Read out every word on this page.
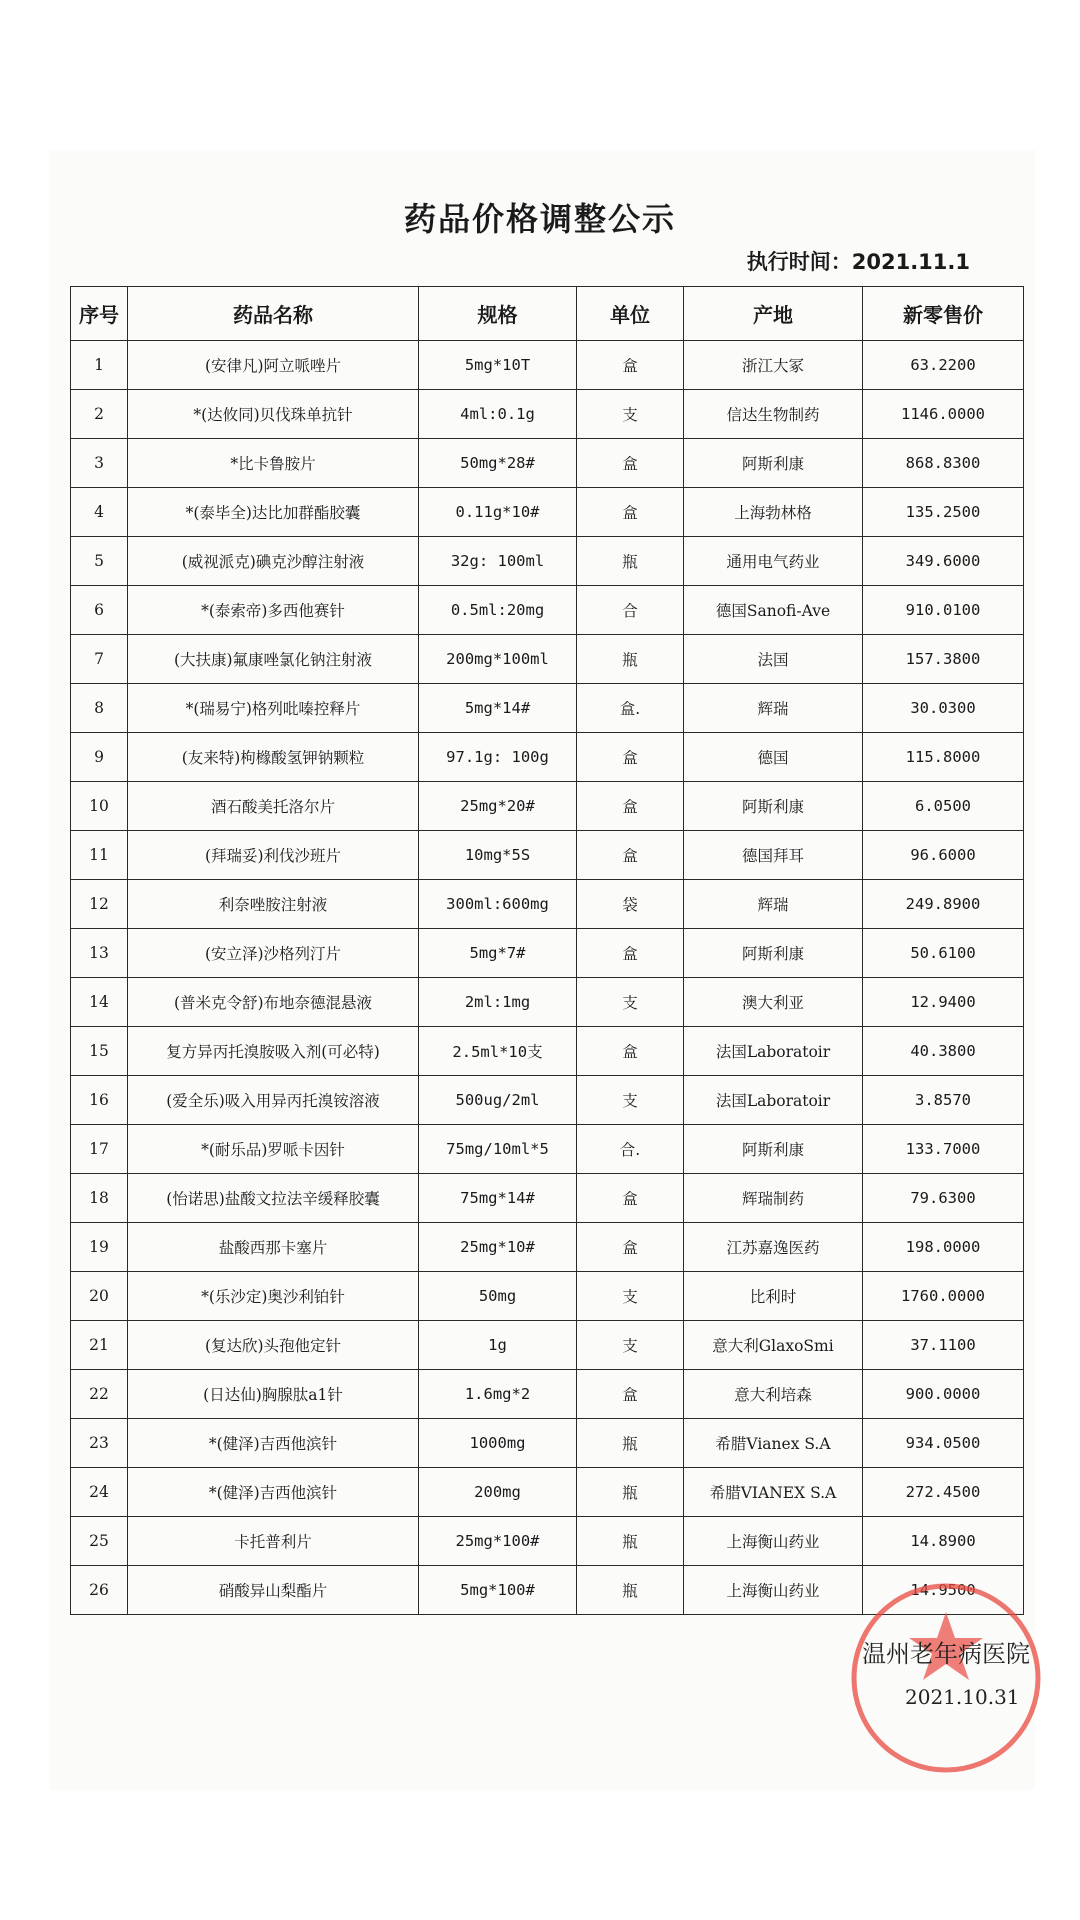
药品价格调整公示
执行时间：2021.11.1
序号	药品名称	规格	单位	产地	新零售价
1	(安律凡)阿立哌唑片	5mg*10T	盒	浙江大冢	63.2200
2	*(达攸同)贝伐珠单抗针	4ml:0.1g	支	信达生物制药	1146.0000
3	*比卡鲁胺片	50mg*28#	盒	阿斯利康	868.8300
4	*(泰毕全)达比加群酯胶囊	0.11g*10#	盒	上海勃林格	135.2500
5	(威视派克)碘克沙醇注射液	32g: 100ml	瓶	通用电气药业	349.6000
6	*(泰索帝)多西他赛针	0.5ml:20mg	合	德国Sanofi-Ave	910.0100
7	(大扶康)氟康唑氯化钠注射液	200mg*100ml	瓶	法国	157.3800
8	*(瑞易宁)格列吡嗪控释片	5mg*14#	盒.	辉瑞	30.0300
9	(友来特)枸橼酸氢钾钠颗粒	97.1g: 100g	盒	德国	115.8000
10	酒石酸美托洛尔片	25mg*20#	盒	阿斯利康	6.0500
11	(拜瑞妥)利伐沙班片	10mg*5S	盒	德国拜耳	96.6000
12	利奈唑胺注射液	300ml:600mg	袋	辉瑞	249.8900
13	(安立泽)沙格列汀片	5mg*7#	盒	阿斯利康	50.6100
14	(普米克令舒)布地奈德混悬液	2ml:1mg	支	澳大利亚	12.9400
15	复方异丙托溴胺吸入剂(可必特)	2.5ml*10支	盒	法国Laboratoir	40.3800
16	(爱全乐)吸入用异丙托溴铵溶液	500ug/2ml	支	法国Laboratoir	3.8570
17	*(耐乐品)罗哌卡因针	75mg/10ml*5	合.	阿斯利康	133.7000
18	(怡诺思)盐酸文拉法辛缓释胶囊	75mg*14#	盒	辉瑞制药	79.6300
19	盐酸西那卡塞片	25mg*10#	盒	江苏嘉逸医药	198.0000
20	*(乐沙定)奥沙利铂针	50mg	支	比利时	1760.0000
21	(复达欣)头孢他定针	1g	支	意大利GlaxoSmi	37.1100
22	(日达仙)胸腺肽a1针	1.6mg*2	盒	意大利培森	900.0000
23	*(健泽)吉西他滨针	1000mg	瓶	希腊Vianex S.A	934.0500
24	*(健泽)吉西他滨针	200mg	瓶	希腊VIANEX S.A	272.4500
25	卡托普利片	25mg*100#	瓶	上海衡山药业	14.8900
26	硝酸异山梨酯片	5mg*100#	瓶	上海衡山药业	14.9500
温州老年病医院
2021.10.31
